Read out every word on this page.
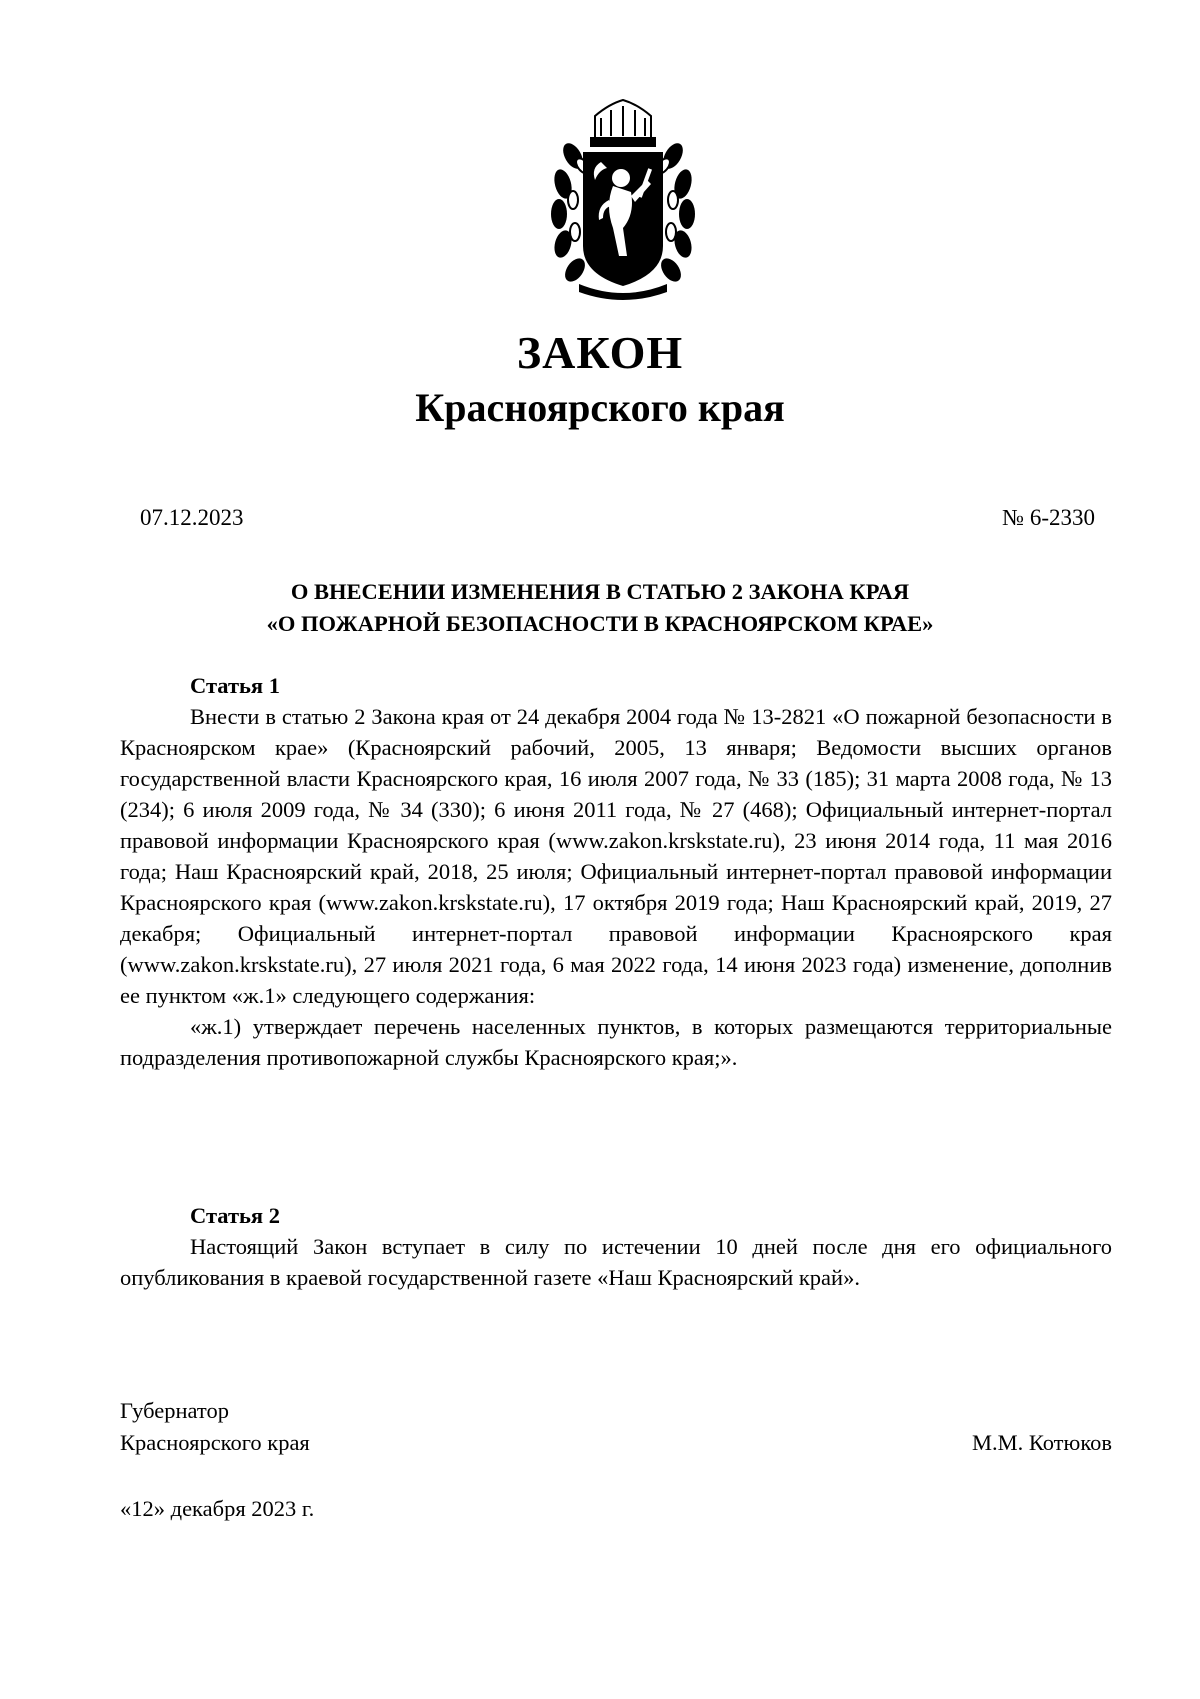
ЗАКОН
Красноярского края
07.12.2023	№ 6-2330
О ВНЕСЕНИИ ИЗМЕНЕНИЯ В СТАТЬЮ 2 ЗАКОНА КРАЯ
«О ПОЖАРНОЙ БЕЗОПАСНОСТИ В КРАСНОЯРСКОМ КРАЕ»
Статья 1

Внести в статью 2 Закона края от 24 декабря 2004 года № 13-2821 «О пожарной безопасности в Красноярском крае» (Красноярский рабочий, 2005, 13 января; Ведомости высших органов государственной власти Красноярского края, 16 июля 2007 года, № 33 (185); 31 марта 2008 года, № 13 (234); 6 июля 2009 года, № 34 (330); 6 июня 2011 года, № 27 (468); Официальный интернет-портал правовой информации Красноярского края (www.zakon.krskstate.ru), 23 июня 2014 года, 11 мая 2016 года; Наш Красноярский край, 2018, 25 июля; Официальный интернет-портал правовой информации Красноярского края (www.zakon.krskstate.ru), 17 октября 2019 года; Наш Красноярский край, 2019, 27 декабря; Официальный интернет-портал правовой информации Красноярского края (www.zakon.krskstate.ru), 27 июля 2021 года, 6 мая 2022 года, 14 июня 2023 года) изменение, дополнив ее пунктом «ж.1» следующего содержания:

«ж.1) утверждает перечень населенных пунктов, в которых размещаются территориальные подразделения противопожарной службы Красноярского края;».

Статья 2

Настоящий Закон вступает в силу по истечении 10 дней после дня его официального опубликования в краевой государственной газете «Наш Красноярский край».

Губернатор
Красноярского края	М.М. Котюков
«12» декабря 2023 г.
